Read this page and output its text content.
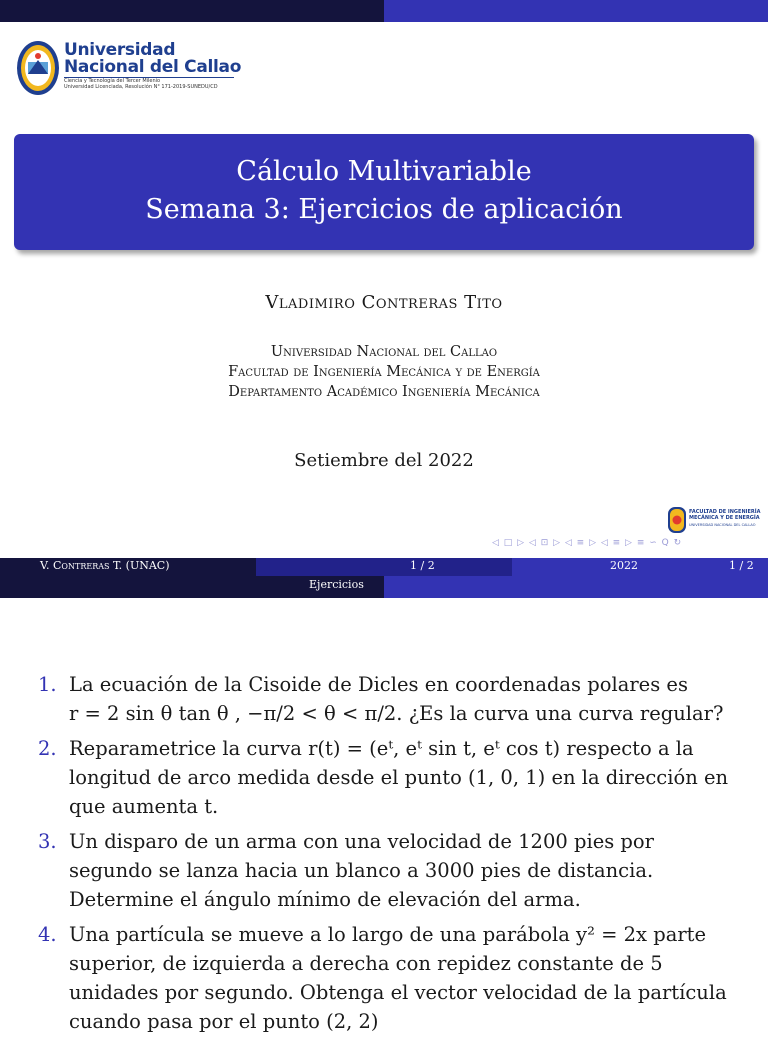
Universidad
Nacional del Callao
Ciencia y Tecnología del Tercer Milenio
Universidad Licenciada, Resolución N° 171-2019-SUNEDU/CD
Cálculo Multivariable
Semana 3: Ejercicios de aplicación
Vladimiro Contreras Tito
Universidad Nacional del Callao
Facultad de Ingeniería Mecánica y de Energía
Departamento Académico Ingeniería Mecánica
Setiembre del 2022
FACULTAD DE INGENIERÍA
MECÁNICA Y DE ENERGÍA
UNIVERSIDAD NACIONAL DEL CALLAO
◁ □ ▷ ◁ ⊡ ▷ ◁ ≡ ▷ ◁ ≡ ▷ ≡ ∽ Q ↻
V. Contreras T. (UNAC)	1 / 2	2022	1 / 2
Ejercicios
1. La ecuación de la Cisoide de Dicles en coordenadas polares es
r = 2 sin θ tan θ , −π/2 < θ < π/2. ¿Es la curva una curva regular?
2. Reparametrice la curva r(t) = (eᵗ, eᵗ sin t, eᵗ cos t) respecto a la
longitud de arco medida desde el punto (1, 0, 1) en la dirección en
que aumenta t.
3. Un disparo de un arma con una velocidad de 1200 pies por
segundo se lanza hacia un blanco a 3000 pies de distancia.
Determine el ángulo mínimo de elevación del arma.
4. Una partícula se mueve a lo largo de una parábola y² = 2x parte
superior, de izquierda a derecha con repidez constante de 5
unidades por segundo. Obtenga el vector velocidad de la partícula
cuando pasa por el punto (2, 2)
